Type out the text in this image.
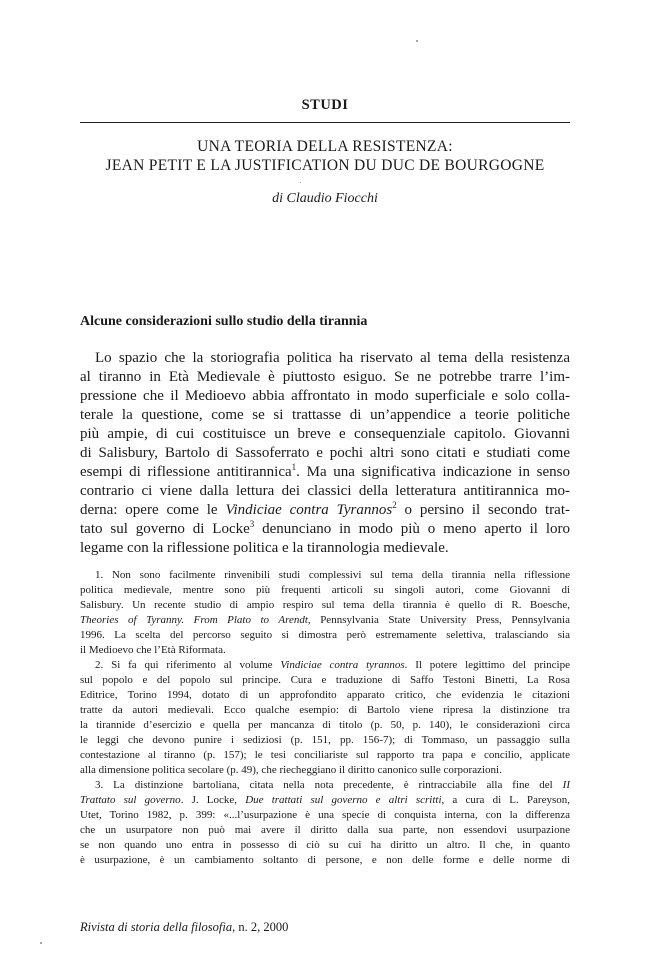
STUDI
UNA TEORIA DELLA RESISTENZA:
JEAN PETIT E LA JUSTIFICATION DU DUC DE BOURGOGNE
di Claudio Fiocchi
Alcune considerazioni sullo studio della tirannia
Lo spazio che la storiografia politica ha riservato al tema della resistenza
al tiranno in Età Medievale è piuttosto esiguo. Se ne potrebbe trarre l’im-
pressione che il Medioevo abbia affrontato in modo superficiale e solo colla-
terale la questione, come se si trattasse di un’appendice a teorie politiche
più ampie, di cui costituisce un breve e consequenziale capitolo. Giovanni
di Salisbury, Bartolo di Sassoferrato e pochi altri sono citati e studiati come
esempi di riflessione antitirannica$^1$. Ma una significativa indicazione in senso
contrario ci viene dalla lettura dei classici della letteratura antitirannica mo-
derna: opere come le Vindiciae contra Tyrannos$^2$ o persino il secondo trat-
tato sul governo di Locke$^3$ denunciano in modo più o meno aperto il loro
legame con la riflessione politica e la tirannologia medievale.
1. Non sono facilmente rinvenibili studi complessivi sul tema della tirannia nella riflessione
politica medievale, mentre sono più frequenti articoli su singoli autori, come Giovanni di
Salisbury. Un recente studio di ampio respiro sul tema della tirannia è quello di R. Boesche,
Theories of Tyranny. From Plato to Arendt, Pennsylvania State University Press, Pennsylvania
1996. La scelta del percorso seguito si dimostra però estremamente selettiva, tralasciando sia
il Medioevo che l’Età Riformata.
2. Si fa qui riferimento al volume Vindiciae contra tyrannos. Il potere legittimo del principe
sul popolo e del popolo sul principe. Cura e traduzione di Saffo Testoni Binetti, La Rosa
Editrice, Torino 1994, dotato di un approfondito apparato critico, che evidenzia le citazioni
tratte da autori medievali. Ecco qualche esempio: di Bartolo viene ripresa la distinzione tra
la tirannide d’esercizio e quella per mancanza di titolo (p. 50, p. 140), le considerazioni circa
le leggi che devono punire i sediziosi (p. 151, pp. 156-7); di Tommaso, un passaggio sulla
contestazione al tiranno (p. 157); le tesi conciliariste sul rapporto tra papa e concilio, applicate
alla dimensione politica secolare (p. 49), che riecheggiano il diritto canonico sulle corporazioni.
3. La distinzione bartoliana, citata nella nota precedente, è rintracciabile alla fine del II
Trattato sul governo. J. Locke, Due trattati sul governo e altri scritti, a cura di L. Pareyson,
Utet, Torino 1982, p. 399: «...l’usurpazione è una specie di conquista interna, con la differenza
che un usurpatore non può mai avere il diritto dalla sua parte, non essendovi usurpazione
se non quando uno entra in possesso di ciò su cui ha diritto un altro. Il che, in quanto
è usurpazione, è un cambiamento soltanto di persone, e non delle forme e delle norme di
Rivista di storia della filosofia, n. 2, 2000
